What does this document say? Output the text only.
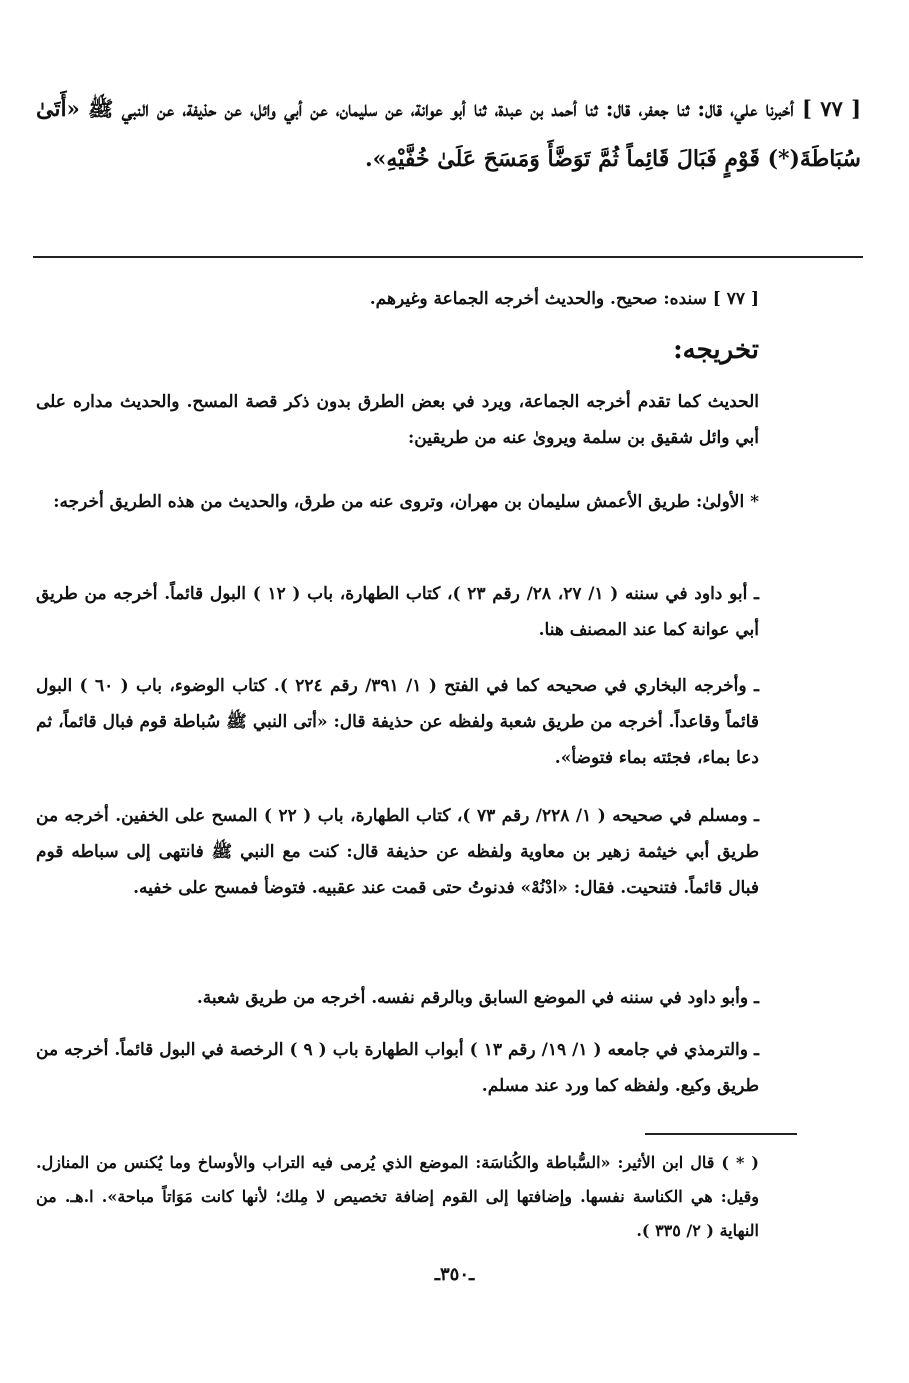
[ ٧٧ ] أخبرنا علي، قال: ثنا جعفر، قال: ثنا أحمد بن عبدة، ثنا أبو عوانة، عن سليمان، عن أبي وائل، عن حذيفة، عن النبي ﷺ «أَتَىٰ سُبَاطَةَ(*) قَوْمٍ فَبَالَ قَائِماً ثُمَّ تَوَضَّأَ وَمَسَحَ عَلَىٰ خُفَّيْهِ».
[ ٧٧ ] سنده: صحيح. والحديث أخرجه الجماعة وغيرهم.
تخريجه:
الحديث كما تقدم أخرجه الجماعة، ويرد في بعض الطرق بدون ذكر قصة المسح. والحديث مداره على أبي وائل شقيق بن سلمة ويروىٰ عنه من طريقين:
* الأولىٰ: طريق الأعمش سليمان بن مهران، وتروى عنه من طرق، والحديث من هذه الطريق أخرجه:
ـ أبو داود في سننه ( ١/ ٢٧، ٢٨/ رقم ٢٣ )، كتاب الطهارة، باب ( ١٢ ) البول قائماً. أخرجه من طريق أبي عوانة كما عند المصنف هنا.
ـ وأخرجه البخاري في صحيحه كما في الفتح ( ١/ ٣٩١/ رقم ٢٢٤ ). كتاب الوضوء، باب ( ٦٠ ) البول قائماً وقاعداً. أخرجه من طريق شعبة ولفظه عن حذيفة قال: «أتى النبي ﷺ سُباطة قوم فبال قائماً، ثم دعا بماء، فجئته بماء فتوضأ».
ـ ومسلم في صحيحه ( ١/ ٢٢٨/ رقم ٧٣ )، كتاب الطهارة، باب ( ٢٢ ) المسح على الخفين. أخرجه من طريق أبي خيثمة زهير بن معاوية ولفظه عن حذيفة قال: كنت مع النبي ﷺ فانتهى إلى سباطه قوم فبال قائماً. فتنحيت. فقال: «ادْنُهْ» فدنوتُ حتى قمت عند عقبيه. فتوضأ فمسح على خفيه.
ـ وأبو داود في سننه في الموضع السابق وبالرقم نفسه. أخرجه من طريق شعبة.
ـ والترمذي في جامعه ( ١/ ١٩/ رقم ١٣ ) أبواب الطهارة باب ( ٩ ) الرخصة في البول قائماً. أخرجه من طريق وكيع. ولفظه كما ورد عند مسلم.
( * ) قال ابن الأثير: «السُّباطة والكُناسَة: الموضع الذي يُرمى فيه التراب والأوساخ وما يُكنس من المنازل. وقيل: هي الكناسة نفسها. وإضافتها إلى القوم إضافة تخصيص لا مِلك؛ لأنها كانت مَوَاتاً مباحة». ا.هـ. من النهاية ( ٢/ ٣٣٥ ).
ـ٣٥٠ـ
